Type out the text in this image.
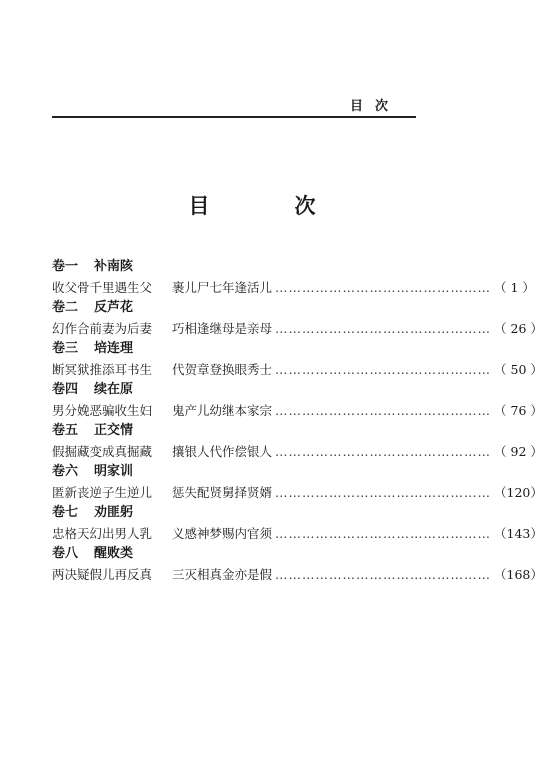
目次
目　次
卷一 补南陔
收父骨千里遇生父	裹儿尸七年逢活儿 ………………………………………… （ 1 ）
卷二 反芦花
幻作合前妻为后妻	巧相逢继母是亲母 ………………………………………… （ 26 ）
卷三 培连理
断冥狱推添耳书生	代贺章登换眼秀士 ………………………………………… （ 50 ）
卷四 续在原
男分娩恶骗收生妇	鬼产儿幼继本家宗 ………………………………………… （ 76 ）
卷五 正交情
假掘藏变成真掘藏	攘银人代作偿银人 ………………………………………… （ 92 ）
卷六 明家训
匿新丧逆子生逆儿	惩失配贤舅择贤婿 ………………………………………… （120）
卷七 劝匪躬
忠格天幻出男人乳	义感神梦赐内官须 ………………………………………… （143）
卷八 醒败类
两决疑假儿再反真	三灭相真金亦是假 ………………………………………… （168）
